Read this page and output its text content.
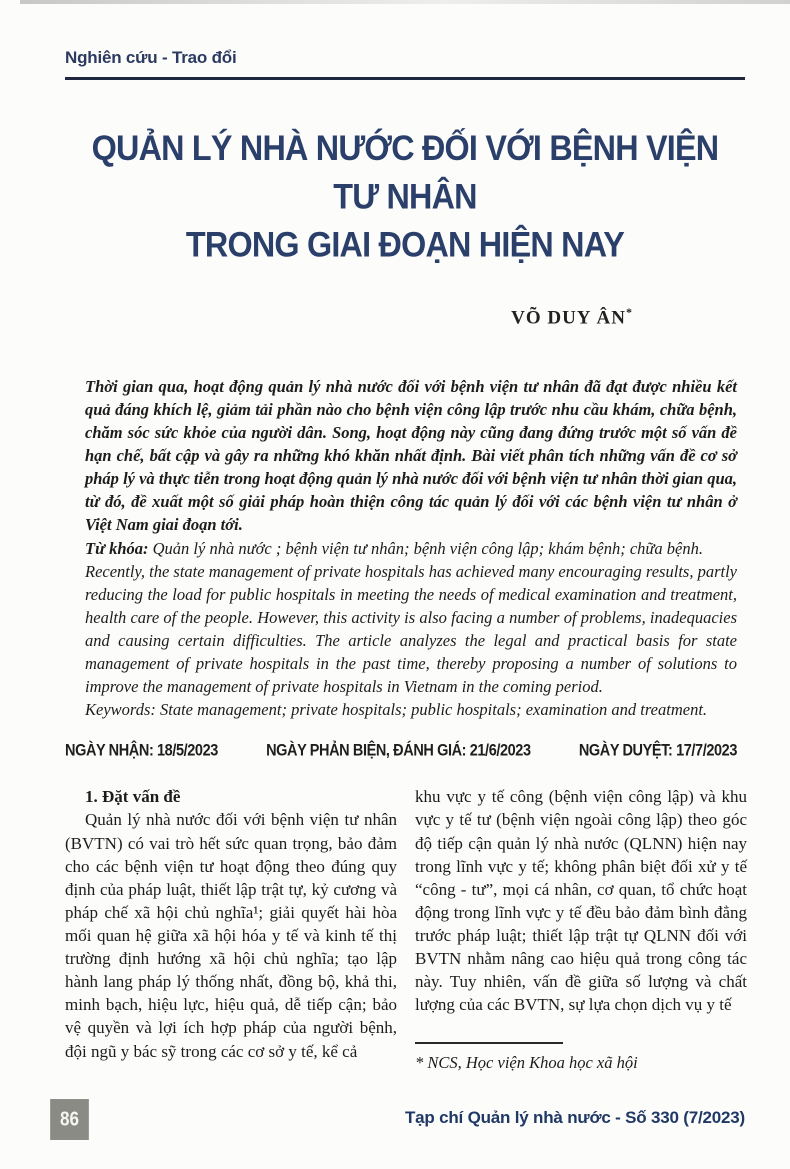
Nghiên cứu - Trao đổi
QUẢN LÝ NHÀ NƯỚC ĐỐI VỚI BỆNH VIỆN TƯ NHÂN
TRONG GIAI ĐOẠN HIỆN NAY
VÕ DUY ÂN*
Thời gian qua, hoạt động quản lý nhà nước đối với bệnh viện tư nhân đã đạt được nhiều kết quả đáng khích lệ, giảm tải phần nào cho bệnh viện công lập trước nhu cầu khám, chữa bệnh, chăm sóc sức khỏe của người dân. Song, hoạt động này cũng đang đứng trước một số vấn đề hạn chế, bất cập và gây ra những khó khăn nhất định. Bài viết phân tích những vấn đề cơ sở pháp lý và thực tiễn trong hoạt động quản lý nhà nước đối với bệnh viện tư nhân thời gian qua, từ đó, đề xuất một số giải pháp hoàn thiện công tác quản lý đối với các bệnh viện tư nhân ở Việt Nam giai đoạn tới.
Từ khóa: Quản lý nhà nước ; bệnh viện tư nhân; bệnh viện công lập; khám bệnh; chữa bệnh.
Recently, the state management of private hospitals has achieved many encouraging results, partly reducing the load for public hospitals in meeting the needs of medical examination and treatment, health care of the people. However, this activity is also facing a number of problems, inadequacies and causing certain difficulties. The article analyzes the legal and practical basis for state management of private hospitals in the past time, thereby proposing a number of solutions to improve the management of private hospitals in Vietnam in the coming period.
Keywords: State management; private hospitals; public hospitals; examination and treatment.
NGÀY NHẬN: 18/5/2023	NGÀY PHẢN BIỆN, ĐÁNH GIÁ: 21/6/2023	NGÀY DUYỆT: 17/7/2023

1. Đặt vấn đề

Quản lý nhà nước đối với bệnh viện tư nhân (BVTN) có vai trò hết sức quan trọng, bảo đảm cho các bệnh viện tư hoạt động theo đúng quy định của pháp luật, thiết lập trật tự, kỷ cương và pháp chế xã hội chủ nghĩa¹; giải quyết hài hòa mối quan hệ giữa xã hội hóa y tế và kinh tế thị trường định hướng xã hội chủ nghĩa; tạo lập hành lang pháp lý thống nhất, đồng bộ, khả thi, minh bạch, hiệu lực, hiệu quả, dễ tiếp cận; bảo vệ quyền và lợi ích hợp pháp của người bệnh, đội ngũ y bác sỹ trong các cơ sở y tế, kể cả

khu vực y tế công (bệnh viện công lập) và khu vực y tế tư (bệnh viện ngoài công lập) theo góc độ tiếp cận quản lý nhà nước (QLNN) hiện nay trong lĩnh vực y tế; không phân biệt đối xử y tế “công - tư”, mọi cá nhân, cơ quan, tổ chức hoạt động trong lĩnh vực y tế đều bảo đảm bình đẳng trước pháp luật; thiết lập trật tự QLNN đối với BVTN nhằm nâng cao hiệu quả trong công tác này. Tuy nhiên, vấn đề giữa số lượng và chất lượng của các BVTN, sự lựa chọn dịch vụ y tế

* NCS, Học viện Khoa học xã hội
86	Tạp chí Quản lý nhà nước - Số 330 (7/2023)
